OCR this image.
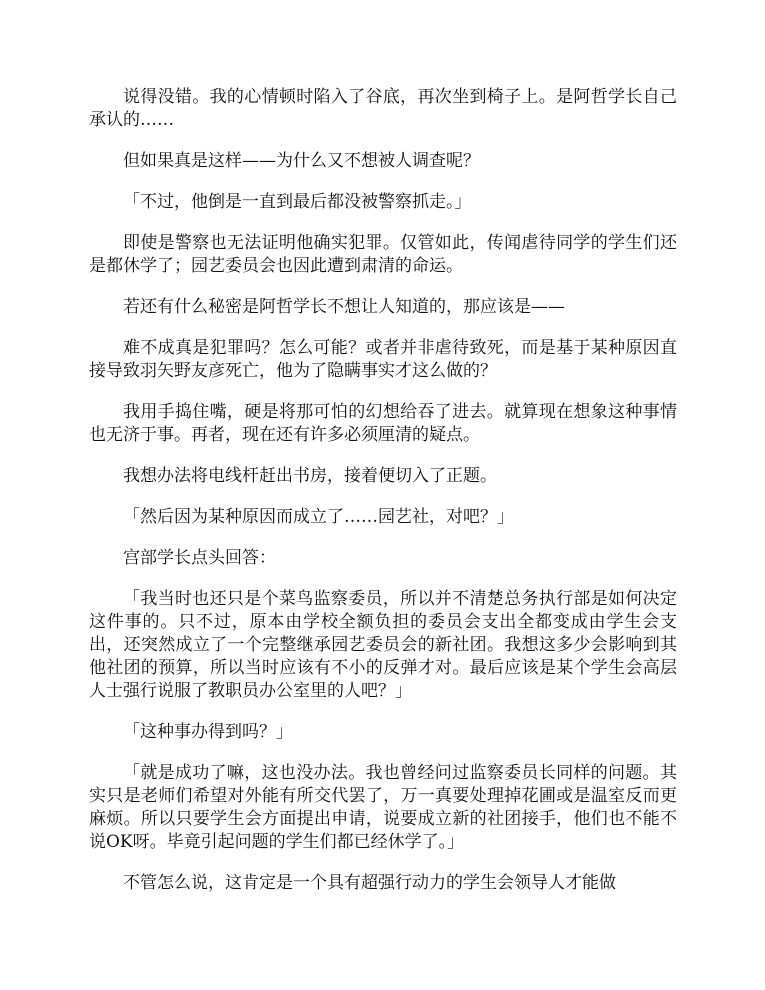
说得没错。我的心情顿时陷入了谷底，再次坐到椅子上。是阿哲学长自己承认的……

但如果真是这样——为什么又不想被人调查呢？

「不过，他倒是一直到最后都没被警察抓走。」

即使是警察也无法证明他确实犯罪。仅管如此，传闻虐待同学的学生们还是都休学了；园艺委员会也因此遭到肃清的命运。

若还有什么秘密是阿哲学长不想让人知道的，那应该是——

难不成真是犯罪吗？怎么可能？或者并非虐待致死，而是基于某种原因直接导致羽矢野友彦死亡，他为了隐瞒事实才这么做的？

我用手捣住嘴，硬是将那可怕的幻想给吞了进去。就算现在想象这种事情也无济于事。再者，现在还有许多必须厘清的疑点。

我想办法将电线杆赶出书房，接着便切入了正题。

「然后因为某种原因而成立了……园艺社，对吧？」

宫部学长点头回答：

「我当时也还只是个菜鸟监察委员，所以并不清楚总务执行部是如何决定这件事的。只不过，原本由学校全额负担的委员会支出全都变成由学生会支出，还突然成立了一个完整继承园艺委员会的新社团。我想这多少会影响到其他社团的预算，所以当时应该有不小的反弹才对。最后应该是某个学生会高层人士强行说服了教职员办公室里的人吧？」

「这种事办得到吗？」

「就是成功了嘛，这也没办法。我也曾经问过监察委员长同样的问题。其实只是老师们希望对外能有所交代罢了，万一真要处理掉花圃或是温室反而更麻烦。所以只要学生会方面提出申请，说要成立新的社团接手，他们也不能不说OK呀。毕竟引起问题的学生们都已经休学了。」

不管怎么说，这肯定是一个具有超强行动力的学生会领导人才能做
